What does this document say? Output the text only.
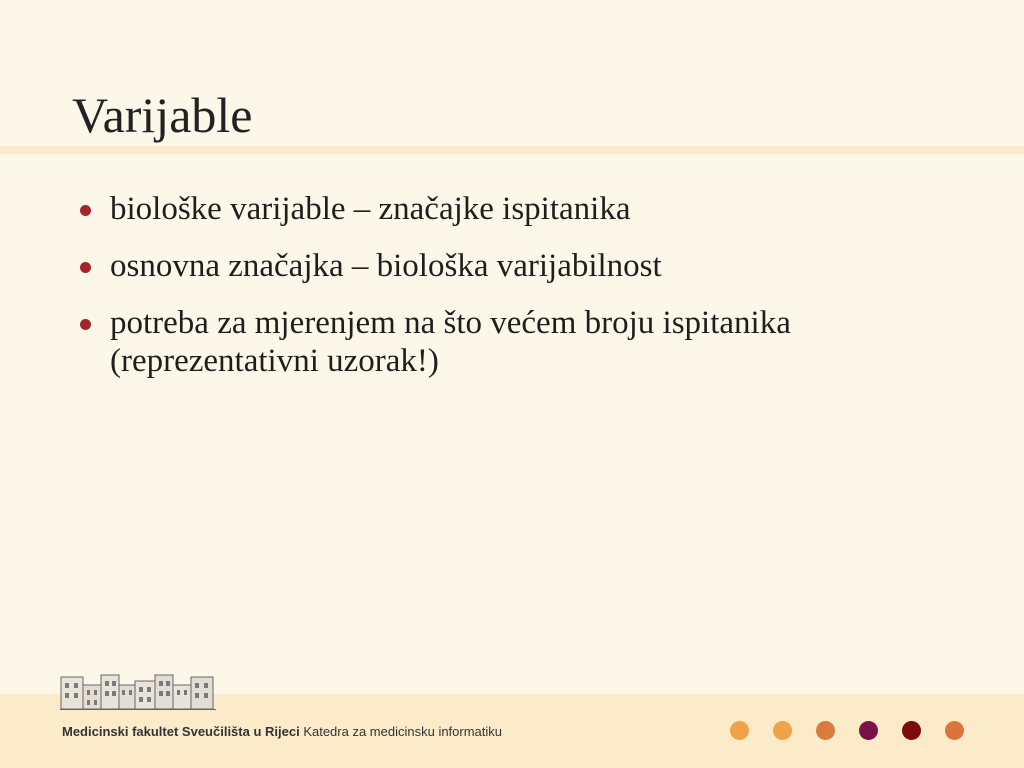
Varijable
biološke varijable – značajke ispitanika
osnovna značajka – biološka varijabilnost
potreba za mjerenjem na što većem broju ispitanika (reprezentativni uzorak!)
Medicinski fakultet Sveučilišta u Rijeci Katedra za medicinsku informatiku
